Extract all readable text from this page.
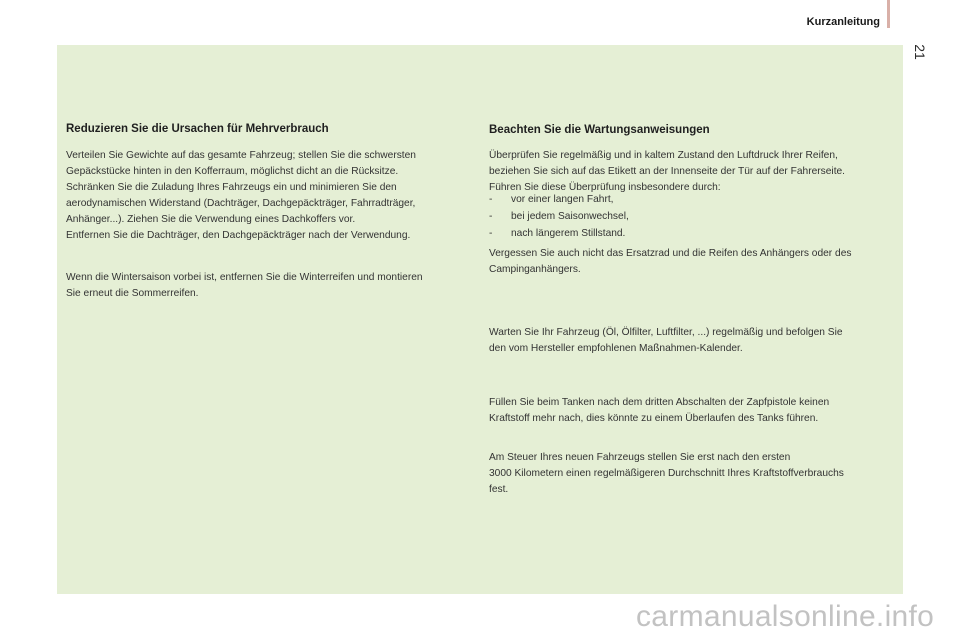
Kurzanleitung
21
Reduzieren Sie die Ursachen für Mehrverbrauch

Verteilen Sie Gewichte auf das gesamte Fahrzeug; stellen Sie die schwersten
Gepäckstücke hinten in den Kofferraum, möglichst dicht an die Rücksitze.
Schränken Sie die Zuladung Ihres Fahrzeugs ein und minimieren Sie den
aerodynamischen Widerstand (Dachträger, Dachgepäckträger, Fahrradträger,
Anhänger...). Ziehen Sie die Verwendung eines Dachkoffers vor.
Entfernen Sie die Dachträger, den Dachgepäckträger nach der Verwendung.

Wenn die Wintersaison vorbei ist, entfernen Sie die Winterreifen und montieren
Sie erneut die Sommerreifen.

Beachten Sie die Wartungsanweisungen

Überprüfen Sie regelmäßig und in kaltem Zustand den Luftdruck Ihrer Reifen,
beziehen Sie sich auf das Etikett an der Innenseite der Tür auf der Fahrerseite.
Führen Sie diese Überprüfung insbesondere durch:

- vor einer langen Fahrt,
- bei jedem Saisonwechsel,
- nach längerem Stillstand.

Vergessen Sie auch nicht das Ersatzrad und die Reifen des Anhängers oder des
Campinganhängers.

Warten Sie Ihr Fahrzeug (Öl, Ölfilter, Luftfilter, ...) regelmäßig und befolgen Sie
den vom Hersteller empfohlenen Maßnahmen-Kalender.

Füllen Sie beim Tanken nach dem dritten Abschalten der Zapfpistole keinen
Kraftstoff mehr nach, dies könnte zu einem Überlaufen des Tanks führen.

Am Steuer Ihres neuen Fahrzeugs stellen Sie erst nach den ersten
3000 Kilometern einen regelmäßigeren Durchschnitt Ihres Kraftstoffverbrauchs
fest.

carmanualsonline.info
